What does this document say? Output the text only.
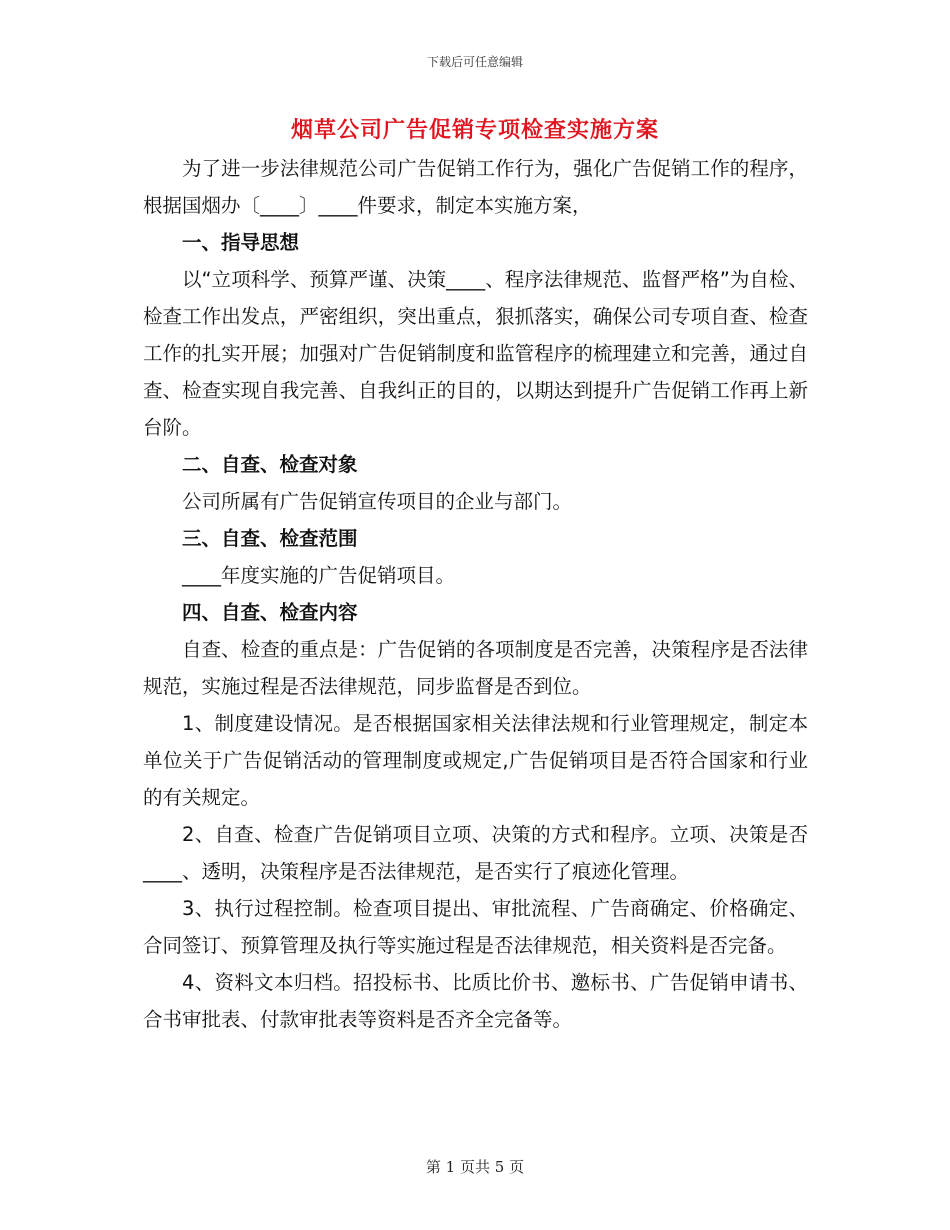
下载后可任意编辑
烟草公司广告促销专项检查实施方案

为了进一步法律规范公司广告促销工作行为，强化广告促销工作的程序，根据国烟办〔____〕____件要求，制定本实施方案，

一、指导思想

以“立项科学、预算严谨、决策____、程序法律规范、监督严格”为自检、检查工作出发点，严密组织，突出重点，狠抓落实，确保公司专项自查、检查工作的扎实开展；加强对广告促销制度和监管程序的梳理建立和完善，通过自查、检查实现自我完善、自我纠正的目的，以期达到提升广告促销工作再上新台阶。

二、自查、检查对象

公司所属有广告促销宣传项目的企业与部门。

三、自查、检查范围

____年度实施的广告促销项目。

四、自查、检查内容

自查、检查的重点是：广告促销的各项制度是否完善，决策程序是否法律规范，实施过程是否法律规范，同步监督是否到位。

1、制度建设情况。是否根据国家相关法律法规和行业管理规定，制定本单位关于广告促销活动的管理制度或规定,广告促销项目是否符合国家和行业的有关规定。

2、自查、检查广告促销项目立项、决策的方式和程序。立项、决策是否____、透明，决策程序是否法律规范，是否实行了痕迹化管理。

3、执行过程控制。检查项目提出、审批流程、广告商确定、价格确定、合同签订、预算管理及执行等实施过程是否法律规范，相关资料是否完备。

4、资料文本归档。招投标书、比质比价书、邀标书、广告促销申请书、合书审批表、付款审批表等资料是否齐全完备等。

第 1 页共 5 页
